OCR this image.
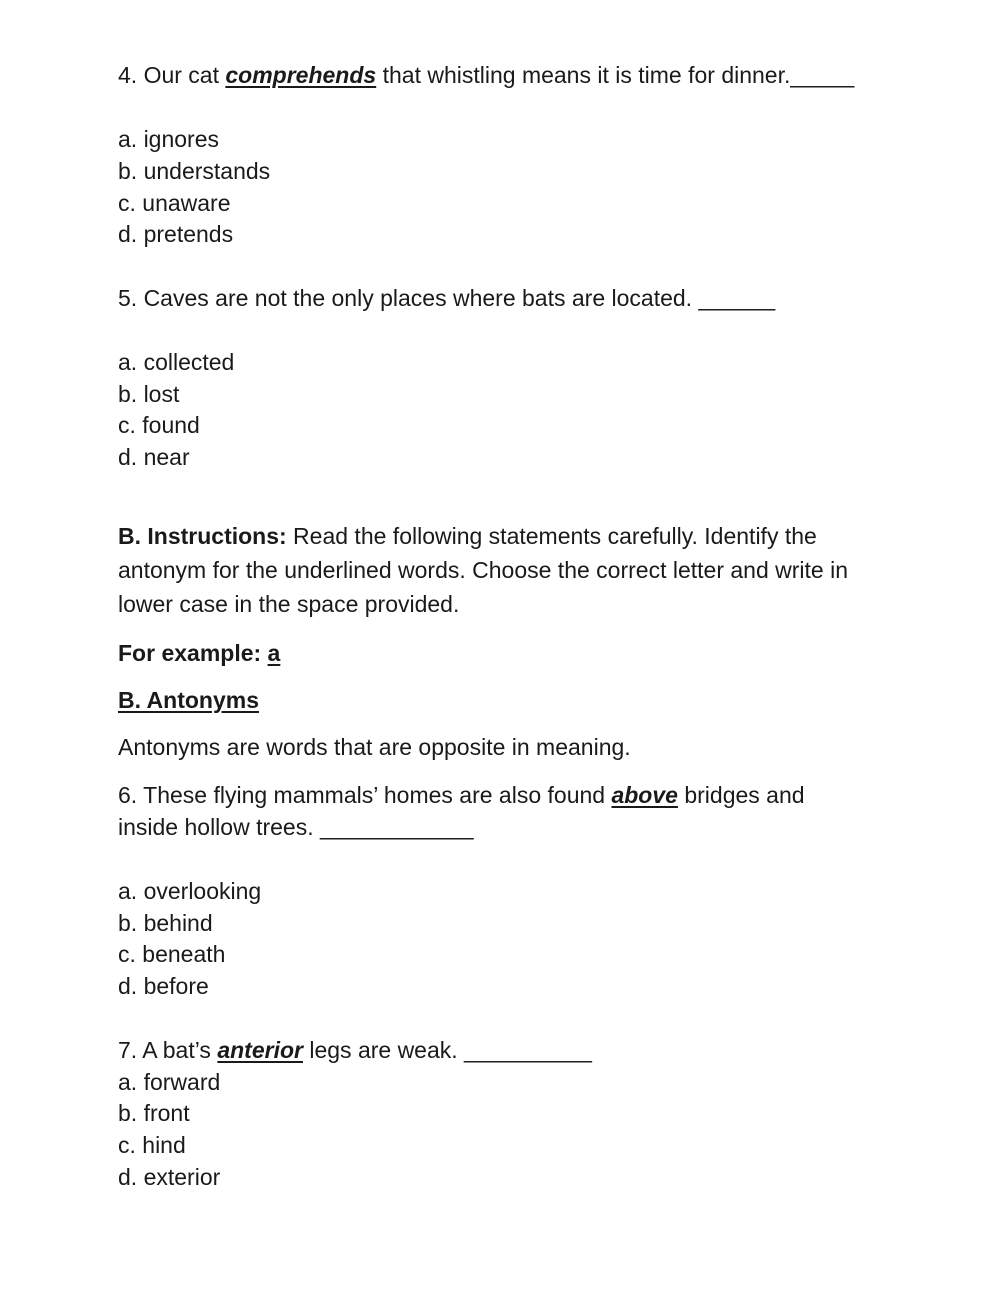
4. Our cat comprehends that whistling means it is time for dinner._____
a. ignores
b. understands
c. unaware
d. pretends
5. Caves are not the only places where bats are located. ______
a. collected
b. lost
c. found
d. near
B. Instructions: Read the following statements carefully. Identify the antonym for the underlined words. Choose the correct letter and write in lower case in the space provided.
For example: a
B. Antonyms
Antonyms are words that are opposite in meaning.
6. These flying mammals’ homes are also found above bridges and
inside hollow trees. ____________
a. overlooking
b. behind
c. beneath
d. before
7. A bat’s anterior legs are weak. __________
a. forward
b. front
c. hind
d. exterior
